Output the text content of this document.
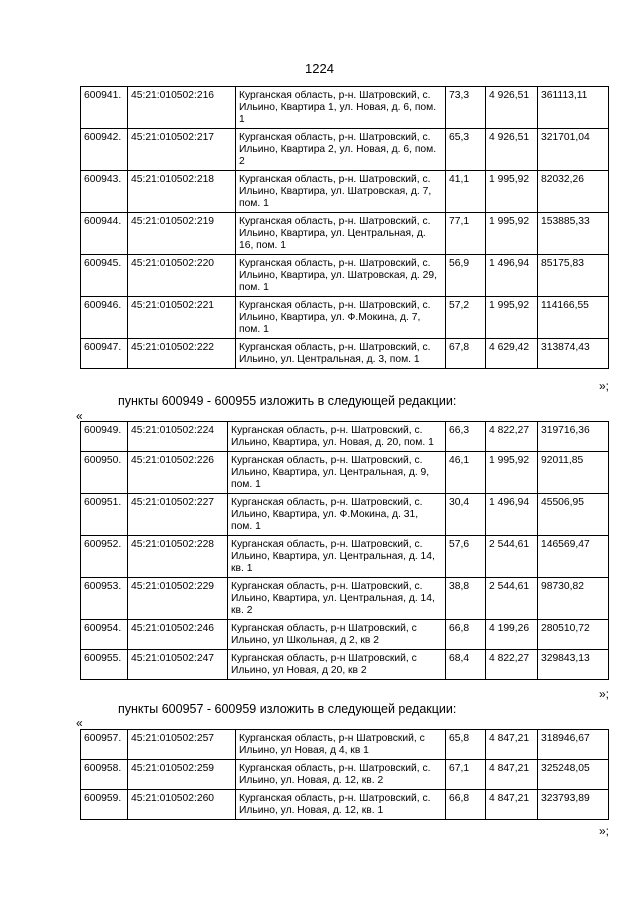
1224
600941.	45:21:010502:216	Курганская область, р-н. Шатровский, с. Ильино, Квартира 1, ул. Новая, д. 6, пом. 1	73,3	4 926,51	361113,11
600942.	45:21:010502:217	Курганская область, р-н. Шатровский, с. Ильино, Квартира 2, ул. Новая, д. 6, пом. 2	65,3	4 926,51	321701,04
600943.	45:21:010502:218	Курганская область, р-н. Шатровский, с. Ильино, Квартира, ул. Шатровская, д. 7, пом. 1	41,1	1 995,92	82032,26
600944.	45:21:010502:219	Курганская область, р-н. Шатровский, с. Ильино, Квартира, ул. Центральная, д. 16, пом. 1	77,1	1 995,92	153885,33
600945.	45:21:010502:220	Курганская область, р-н. Шатровский, с. Ильино, Квартира, ул. Шатровская, д. 29, пом. 1	56,9	1 496,94	85175,83
600946.	45:21:010502:221	Курганская область, р-н. Шатровский, с. Ильино, Квартира, ул. Ф.Мокина, д. 7, пом. 1	57,2	1 995,92	114166,55
600947.	45:21:010502:222	Курганская область, р-н. Шатровский, с. Ильино, ул. Центральная, д. 3, пом. 1	67,8	4 629,42	313874,43
»;
пункты 600949 - 600955 изложить в следующей редакции:
«
600949.	45:21:010502:224	Курганская область, р-н. Шатровский, с. Ильино, Квартира, ул. Новая, д. 20, пом. 1	66,3	4 822,27	319716,36
600950.	45:21:010502:226	Курганская область, р-н. Шатровский, с. Ильино, Квартира, ул. Центральная, д. 9, пом. 1	46,1	1 995,92	92011,85
600951.	45:21:010502:227	Курганская область, р-н. Шатровский, с. Ильино, Квартира, ул. Ф.Мокина, д. 31, пом. 1	30,4	1 496,94	45506,95
600952.	45:21:010502:228	Курганская область, р-н. Шатровский, с. Ильино, Квартира, ул. Центральная, д. 14, кв. 1	57,6	2 544,61	146569,47
600953.	45:21:010502:229	Курганская область, р-н. Шатровский, с. Ильино, Квартира, ул. Центральная, д. 14, кв. 2	38,8	2 544,61	98730,82
600954.	45:21:010502:246	Курганская область, р-н Шатровский, с Ильино, ул Школьная, д 2, кв 2	66,8	4 199,26	280510,72
600955.	45:21:010502:247	Курганская область, р-н Шатровский, с Ильино, ул Новая, д 20, кв 2	68,4	4 822,27	329843,13
»;
пункты 600957 - 600959 изложить в следующей редакции:
«
600957.	45:21:010502:257	Курганская область, р-н Шатровский, с Ильино, ул Новая, д 4, кв 1	65,8	4 847,21	318946,67
600958.	45:21:010502:259	Курганская область, р-н. Шатровский, с. Ильино, ул. Новая, д. 12, кв. 2	67,1	4 847,21	325248,05
600959.	45:21:010502:260	Курганская область, р-н. Шатровский, с. Ильино, ул. Новая, д. 12, кв. 1	66,8	4 847,21	323793,89
»;
